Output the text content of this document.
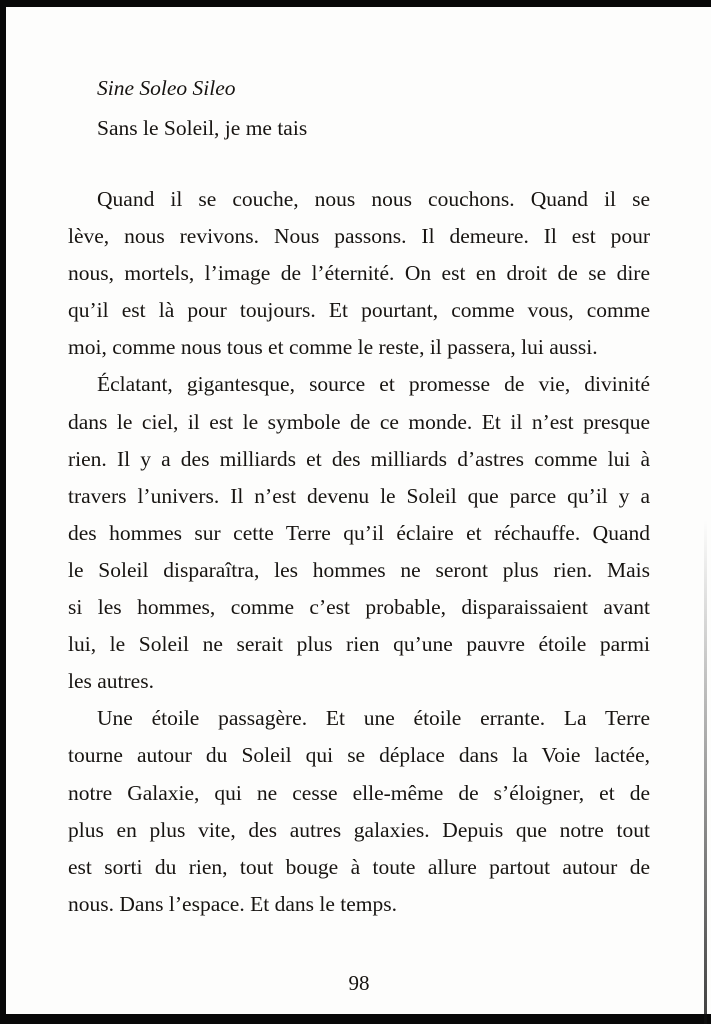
Sine Soleo Sileo
Sans le Soleil, je me tais
Quand il se couche, nous nous couchons. Quand il se
lève, nous revivons. Nous passons. Il demeure. Il est pour
nous, mortels, l’image de l’éternité. On est en droit de se dire
qu’il est là pour toujours. Et pourtant, comme vous, comme
moi, comme nous tous et comme le reste, il passera, lui aussi.
Éclatant, gigantesque, source et promesse de vie, divinité
dans le ciel, il est le symbole de ce monde. Et il n’est presque
rien. Il y a des milliards et des milliards d’astres comme lui à
travers l’univers. Il n’est devenu le Soleil que parce qu’il y a
des hommes sur cette Terre qu’il éclaire et réchauffe. Quand
le Soleil disparaîtra, les hommes ne seront plus rien. Mais
si les hommes, comme c’est probable, disparaissaient avant
lui, le Soleil ne serait plus rien qu’une pauvre étoile parmi
les autres.
Une étoile passagère. Et une étoile errante. La Terre
tourne autour du Soleil qui se déplace dans la Voie lactée,
notre Galaxie, qui ne cesse elle-même de s’éloigner, et de
plus en plus vite, des autres galaxies. Depuis que notre tout
est sorti du rien, tout bouge à toute allure partout autour de
nous. Dans l’espace. Et dans le temps.
98
